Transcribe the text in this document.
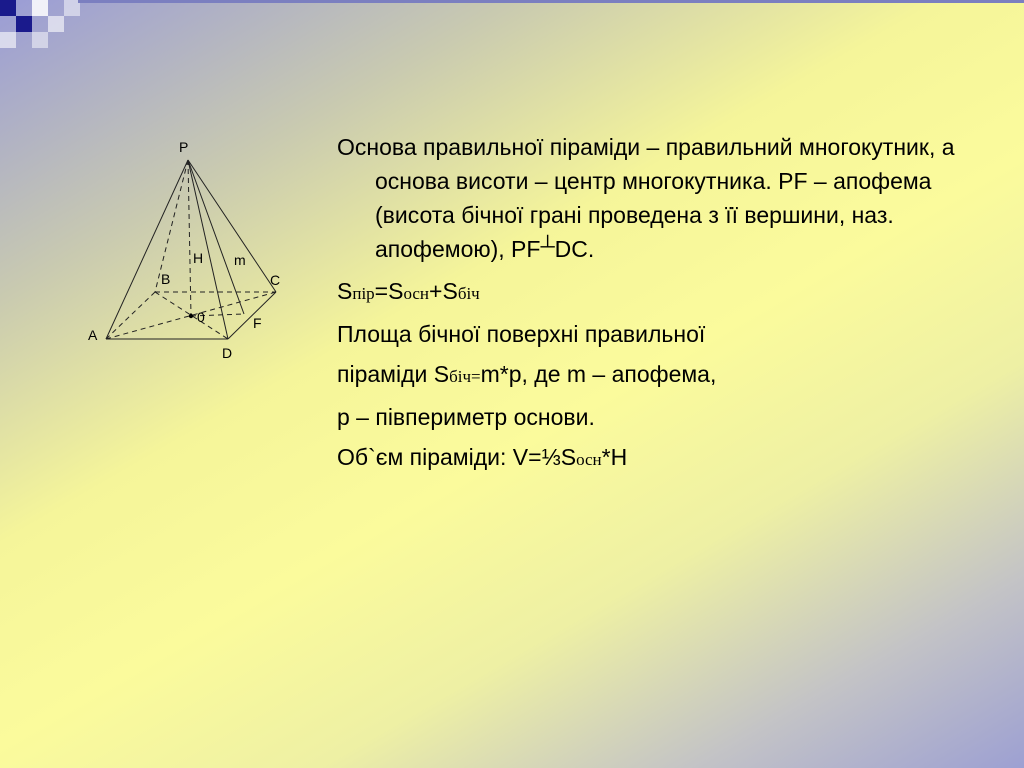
P
H m
B	C
0	F
A
D

Основа правильної піраміди – правильний многокутник, а основа висоти – центр многокутника. PF – апофема (висота бічної грані проведена з її вершини, наз. апофемою), PF┴DC.

Sпір=Sосн+Sбіч

Площа бічної поверхні правильної

піраміди Sбіч=m*p, де m – апофема,

p – півпериметр основи.

Об`єм піраміди: V=⅓Sосн*H
